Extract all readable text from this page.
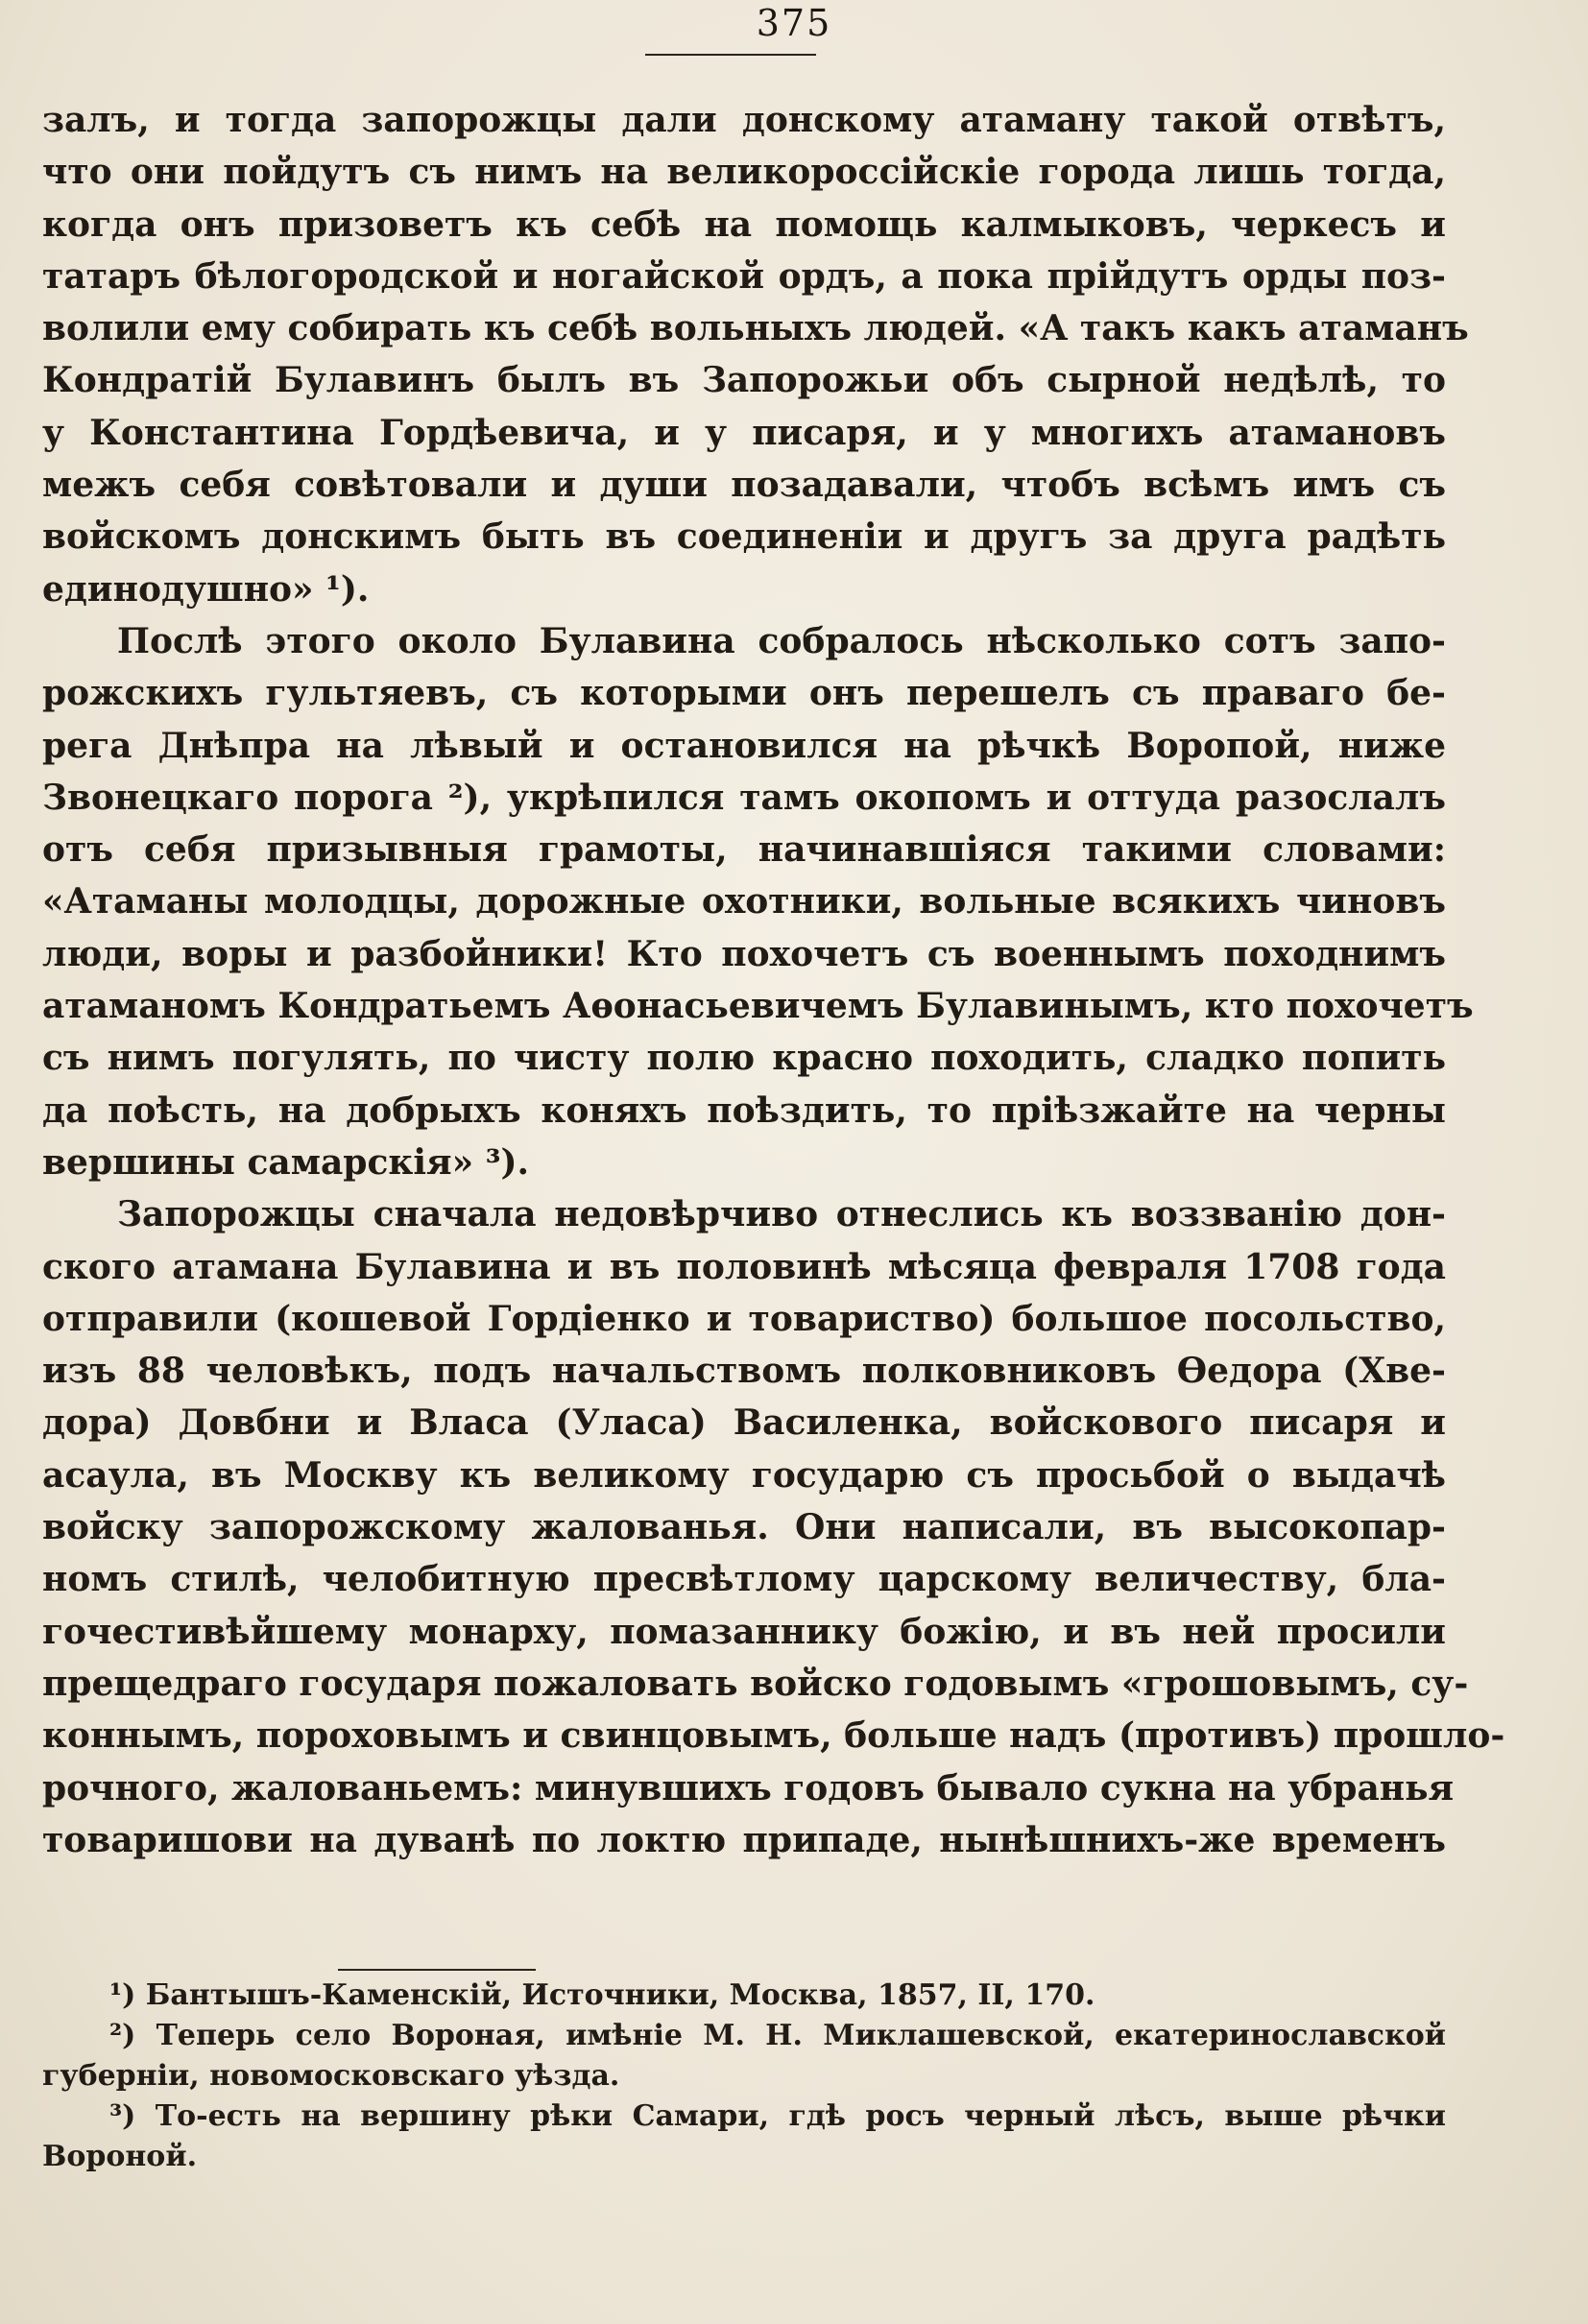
375
залъ, и тогда запорожцы дали донскому атаману такой отвѣтъ,
что они пойдутъ съ нимъ на великороссійскіе города лишь тогда,
когда онъ призоветъ къ себѣ на помощь калмыковъ, черкесъ и
татаръ бѣлогородской и ногайской ордъ, а пока прійдутъ орды поз-
волили ему собирать къ себѣ вольныхъ людей. «А такъ какъ атаманъ
Кондратій Булавинъ былъ въ Запорожьи объ сырной недѣлѣ, то
у Константина Гордѣевича, и у писаря, и у многихъ атамановъ
межъ себя совѣтовали и души позадавали, чтобъ всѣмъ имъ съ
войскомъ донскимъ быть въ соединеніи и другъ за друга радѣть
единодушно» ¹).
Послѣ этого около Булавина собралось нѣсколько сотъ запо-
рожскихъ гультяевъ, съ которыми онъ перешелъ съ праваго бе-
рега Днѣпра на лѣвый и остановился на рѣчкѣ Воропой, ниже
Звонецкаго порога ²), укрѣпился тамъ окопомъ и оттуда разослалъ
отъ себя призывныя грамоты, начинавшіяся такими словами:
«Атаманы молодцы, дорожные охотники, вольные всякихъ чиновъ
люди, воры и разбойники! Кто похочетъ съ военнымъ походнимъ
атаманомъ Кондратьемъ Аѳонасьевичемъ Булавинымъ, кто похочетъ
съ нимъ погулять, по чисту полю красно походить, сладко попить
да поѣсть, на добрыхъ коняхъ поѣздить, то пріѣзжайте на черны
вершины самарскія» ³).
Запорожцы сначала недовѣрчиво отнеслись къ воззванію дон-
ского атамана Булавина и въ половинѣ мѣсяца февраля 1708 года
отправили (кошевой Гордіенко и товариство) большое посольство,
изъ 88 человѣкъ, подъ начальствомъ полковниковъ Ѳедора (Хве-
дора) Довбни и Власа (Уласа) Василенка, войскового писаря и
асаула, въ Москву къ великому государю съ просьбой о выдачѣ
войску запорожскому жалованья. Они написали, въ высокопар-
номъ стилѣ, челобитную пресвѣтлому царскому величеству, бла-
гочестивѣйшему монарху, помазаннику божію, и въ ней просили
прещедраго государя пожаловать войско годовымъ «грошовымъ, су-
коннымъ, пороховымъ и свинцовымъ, больше надъ (противъ) прошло-
рочного, жалованьемъ: минувшихъ годовъ бывало сукна на убранья
товаришови на дуванѣ по локтю припаде, нынѣшнихъ-же временъ
¹) Бантышъ-Каменскій, Источники, Москва, 1857, II, 170.
²) Теперь село Вороная, имѣніе М. Н. Миклашевской, екатеринославской
губерніи, новомосковскаго уѣзда.
³) То-есть на вершину рѣки Самари, гдѣ росъ черный лѣсъ, выше рѣчки
Вороной.
